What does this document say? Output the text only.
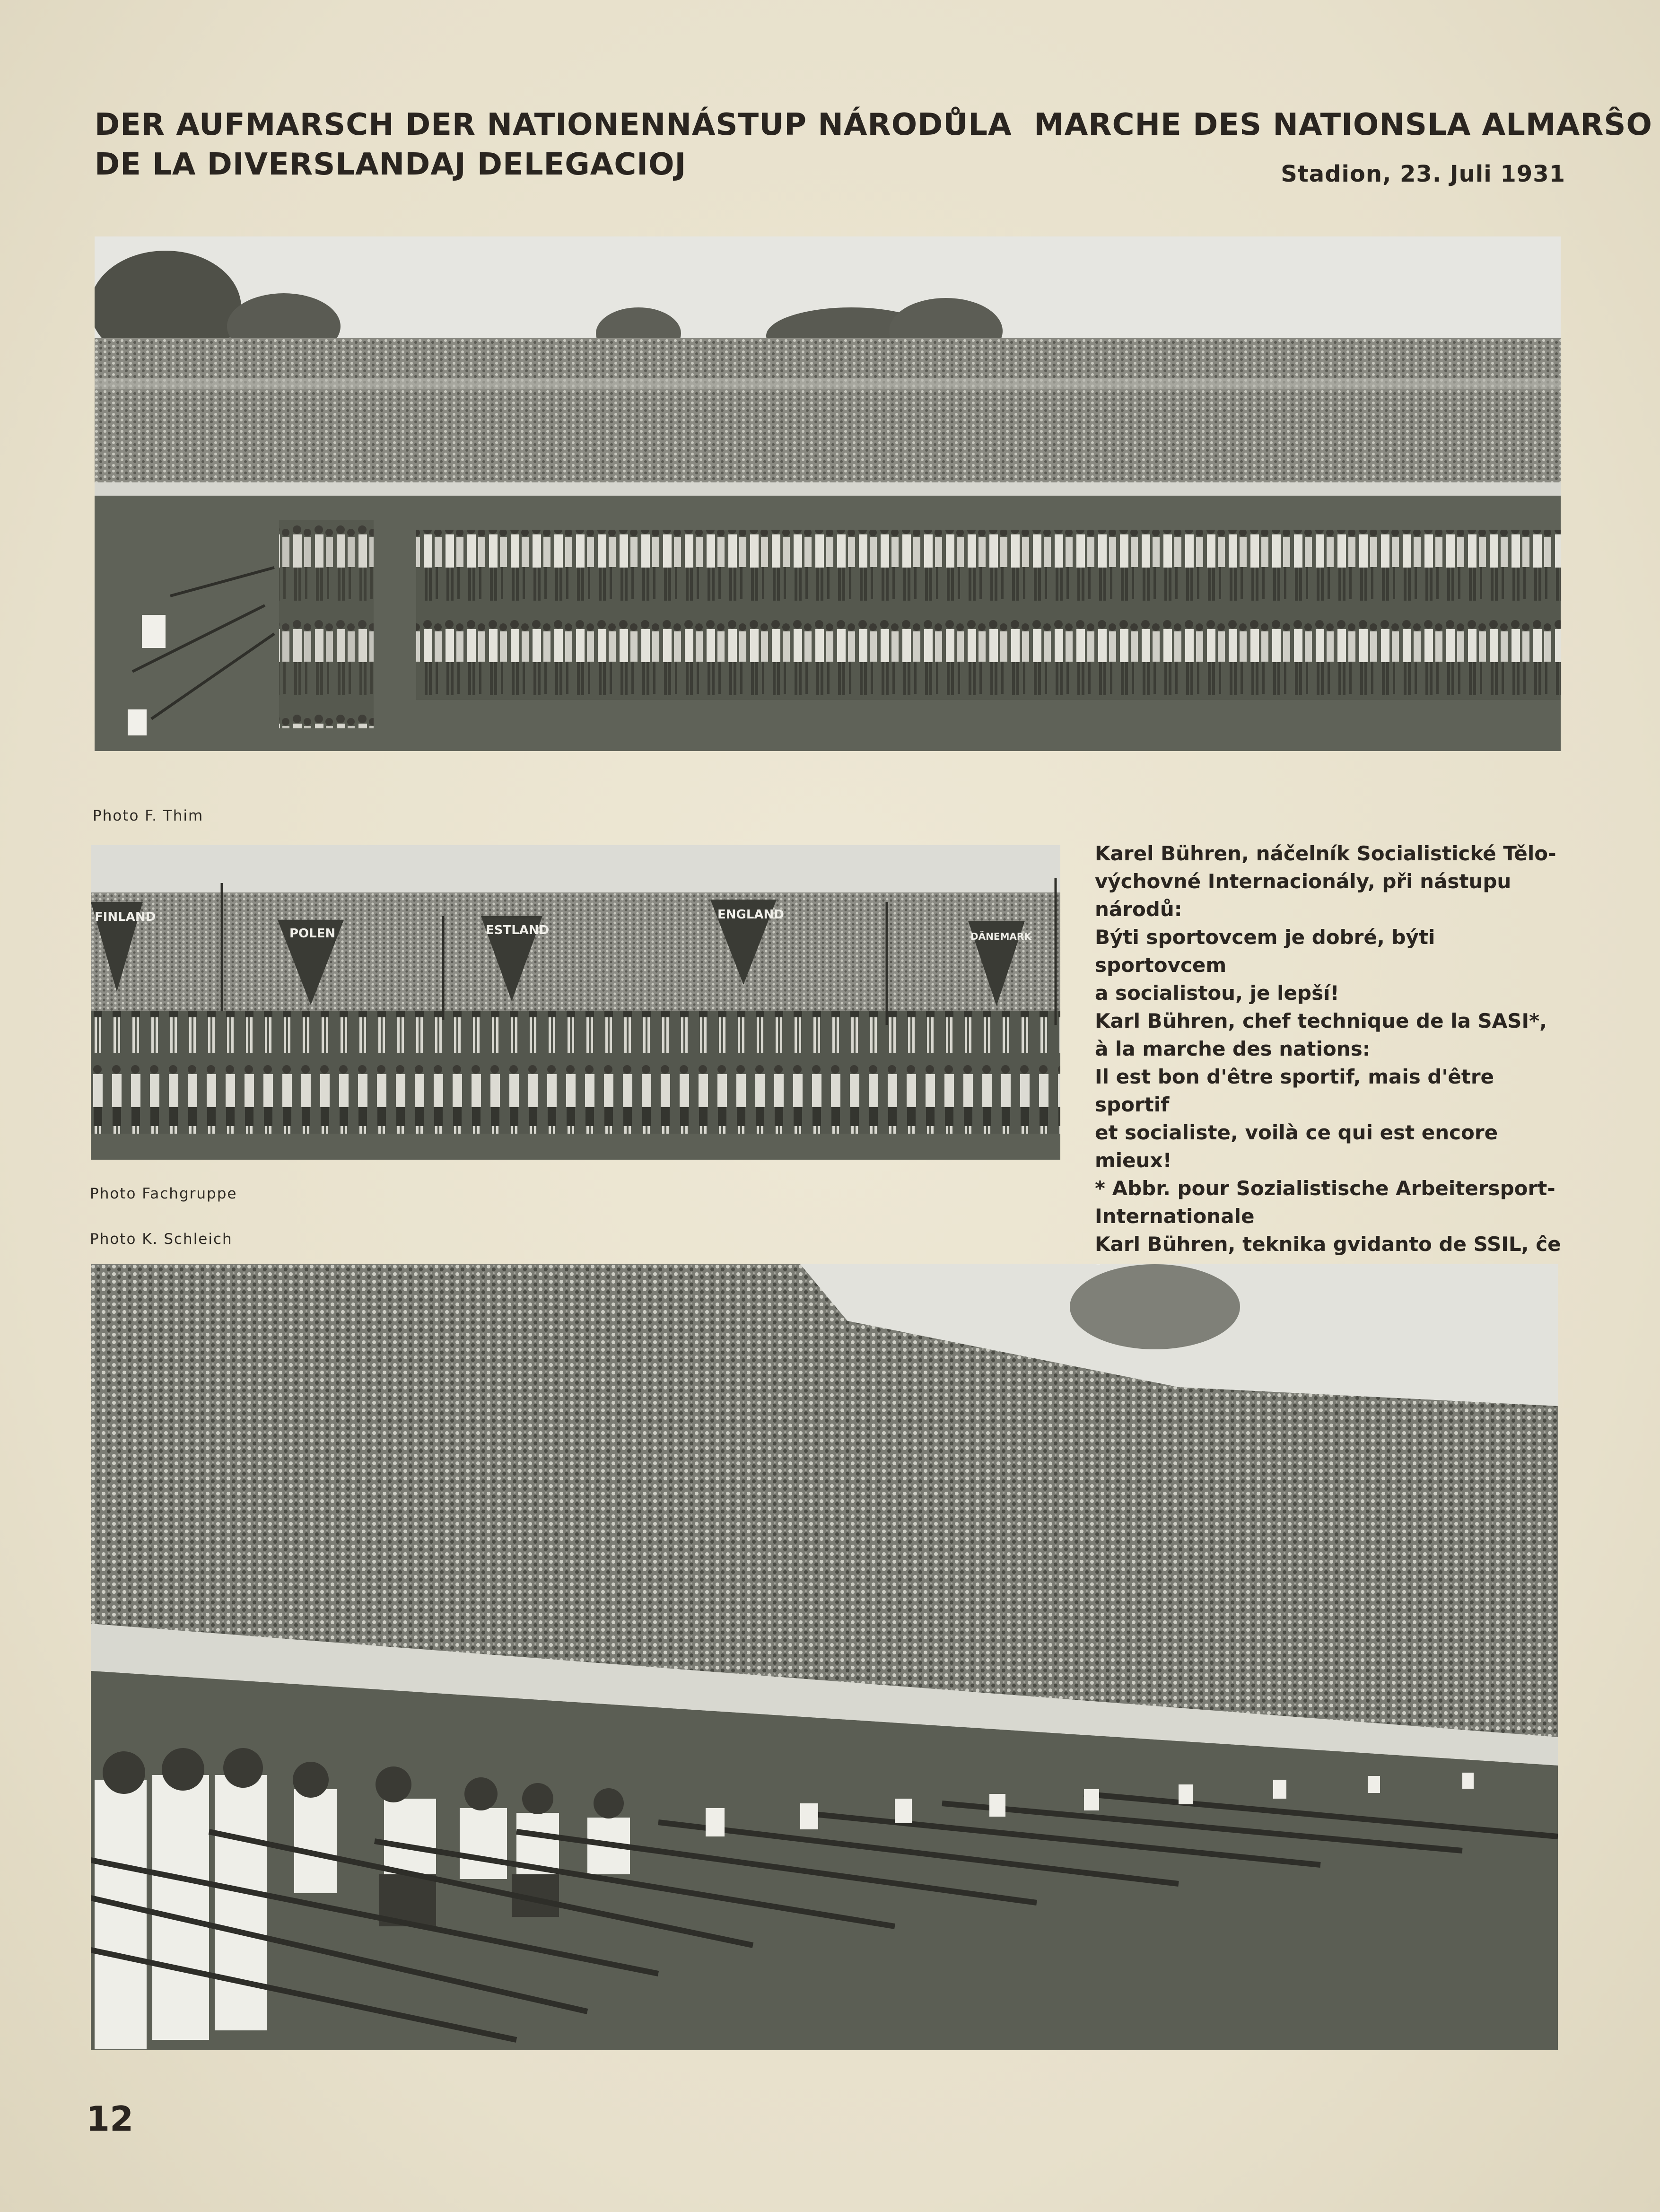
DER AUFMARSCH DER NATIONEN NÁSTUP NÁRODŮ LA  MARCHE DES NATIONS LA ALMARŜO
DE LA DIVERSLANDAJ DELEGACIOJ	Stadion, 23. Juli 1931
Photo F. Thim
FINLAND
POLEN	ESTLAND
ENGLAND
DÄNEMARK
Photo Fachgruppe
Photo K. Schleich

Karel Bühren, náčelník Socialistické Tělo-

výchovné Internacionály, při nástupu národů:

Býti sportovcem je dobré, býti sportovcem

a socialistou, je lepší!

Karl Bühren, chef technique de la SASI*,

à la marche des nations:

Il est bon d'être sportif, mais d'être sportif

et socialiste, voilà ce qui est encore mieux!

* Abbr. pour Sozialistische Arbeitersport-

Internationale

Karl Bühren, teknika gvidanto de SSIL, ĉe

12
